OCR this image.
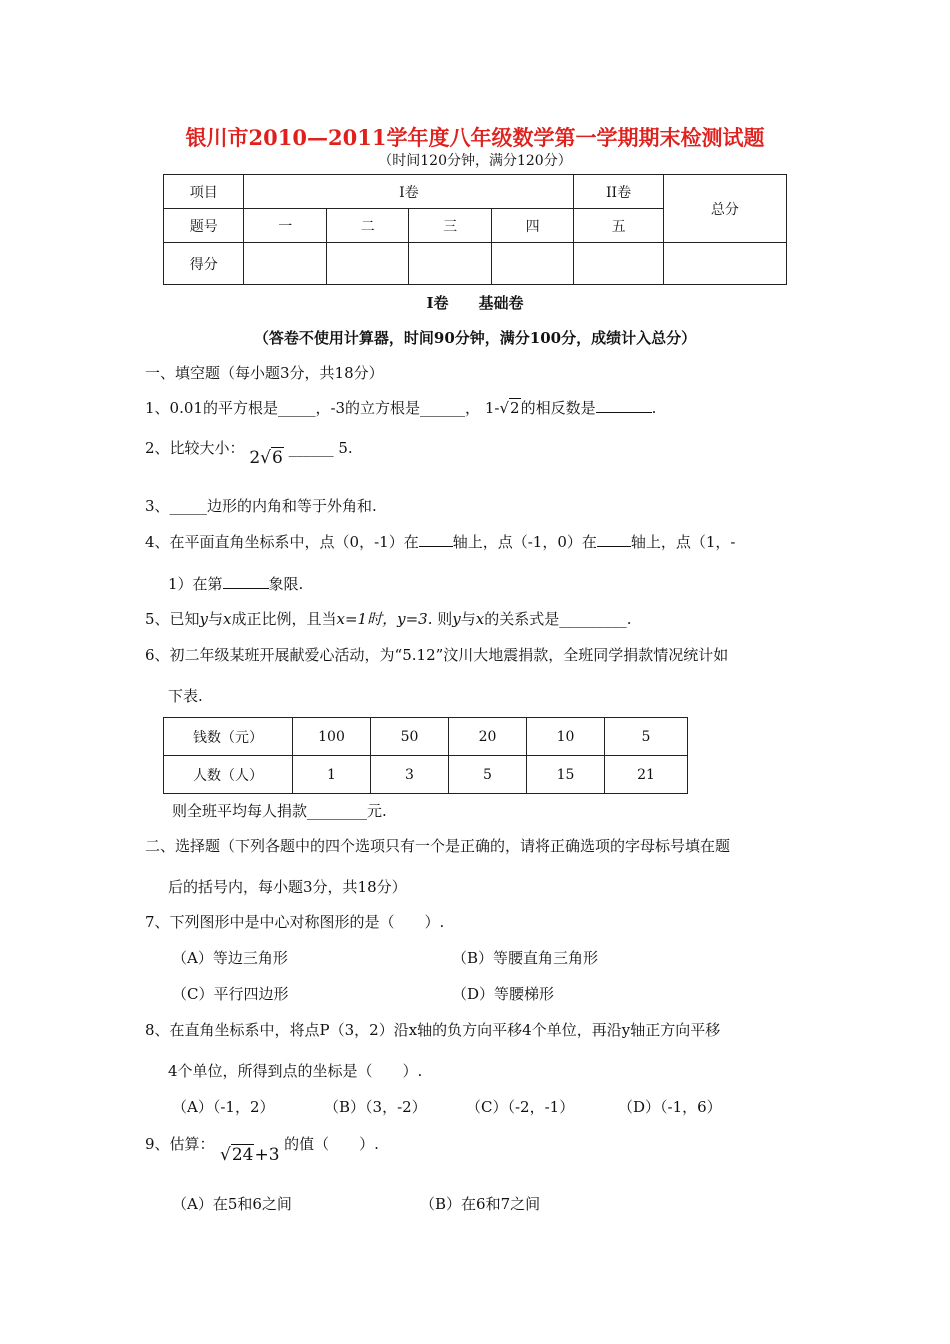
银川市2010—2011学年度八年级数学第一学期期末检测试题
（时间120分钟，满分120分）
项目	I卷				II卷	总分
题号	一	二	三	四	五	
得分						
I卷　　基础卷
（答卷不使用计算器，时间90分钟，满分100分，成绩计入总分）
一、填空题（每小题3分，共18分）
1、0.01的平方根是_____，-3的立方根是______， 1-√2的相反数是	.
2、比较大小： 2√6 ______ 5.
3、_____边形的内角和等于外角和.
4、在平面直角坐标系中，点（0，-1）在 轴上，点（-1，0）在 轴上，点（1，-
1）在第	象限.
5、已知y与x成正比例，且当x=1时，y=3. 则y与x的关系式是_________.
6、初二年级某班开展献爱心活动，为“5.12”汶川大地震捐款，全班同学捐款情况统计如
下表.
钱数（元）	100	50	20	10	5
人数（人）	1	3	5	15	21
则全班平均每人捐款________元.
二、选择题（下列各题中的四个选项只有一个是正确的，请将正确选项的字母标号填在题
后的括号内，每小题3分，共18分）
7、下列图形中是中心对称图形的是（　　）.
（A）等边三角形	（B）等腰直角三角形
（C）平行四边形	（D）等腰梯形
8、在直角坐标系中，将点P（3，2）沿x轴的负方向平移4个单位，再沿y轴正方向平移
4个单位，所得到点的坐标是（　　）.
（A）（-1，2）	（B）（3，-2）	（C）（-2，-1）	（D）（-1，6）
9、估算：	的值（　　）.
√24+3
（A）在5和6之间	（B）在6和7之间
